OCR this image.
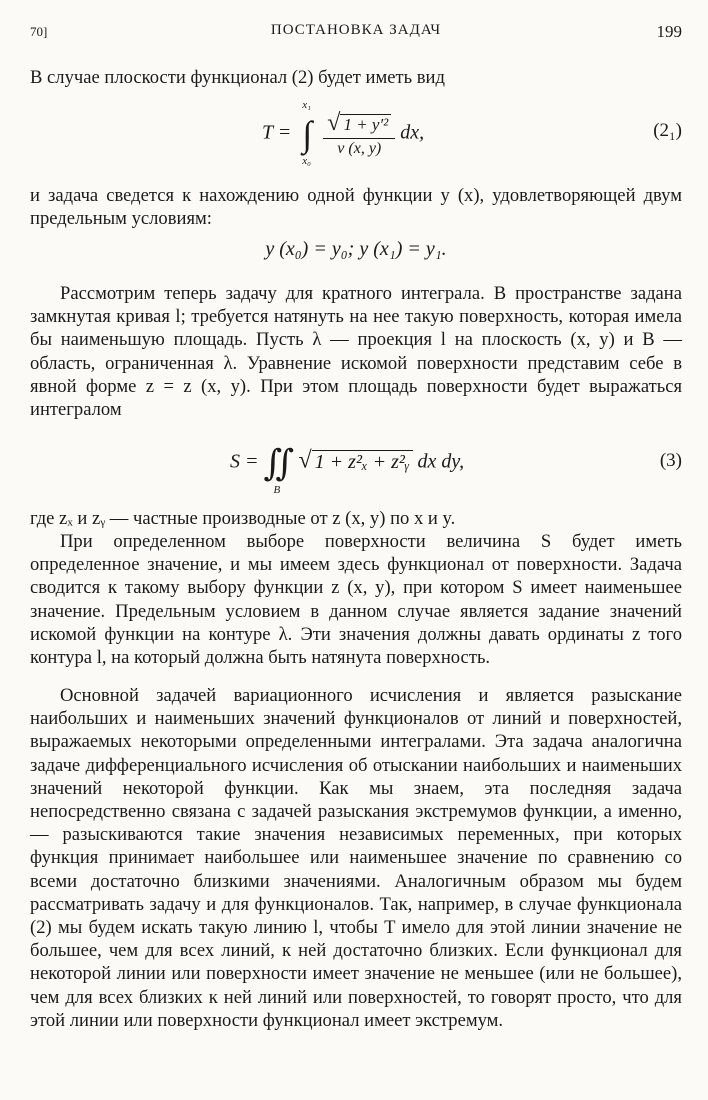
70]	ПОСТАНОВКА ЗАДАЧ	199
В случае плоскости функционал (2) будет иметь вид
T = ∫
x₁
x₀

$\frac{\text{√ 1 + y′²}}{v (x, y)}$ dx,	(2₁)
и задача сведется к нахождению одной функции y (x), удовлетворяющей двум предельным условиям:
y (x₀) = y₀; y (x₁) = y₁.
Рассмотрим теперь задачу для кратного интеграла. В пространстве задана замкнутая кривая l; требуется натянуть на нее такую поверхность, которая имела бы наименьшую площадь. Пусть λ — проекция l на плоскость (x, y) и B — область, ограниченная λ. Уравнение искомой поверхности представим себе в явной форме z = z (x, y). При этом площадь поверхности будет выражаться интегралом
S = ∬
B
√ 1 + z²ₓ + z²ᵧ dx dy,	(3)
где zₓ и zᵧ — частные производные от z (x, y) по x и y.
При определенном выборе поверхности величина S будет иметь определенное значение, и мы имеем здесь функционал от поверхности. Задача сводится к такому выбору функции z (x, y), при котором S имеет наименьшее значение. Предельным условием в данном случае является задание значений искомой функции на контуре λ. Эти значения должны давать ординаты z того контура l, на который должна быть натянута поверхность.
Основной задачей вариационного исчисления и является разыскание наибольших и наименьших значений функционалов от линий и поверхностей, выражаемых некоторыми определенными интегралами. Эта задача аналогична задаче дифференциального исчисления об отыскании наибольших и наименьших значений некоторой функции. Как мы знаем, эта последняя задача непосредственно связана с задачей разыскания экстремумов функции, а именно, — разыскиваются такие значения независимых переменных, при которых функция принимает наибольшее или наименьшее значение по сравнению со всеми достаточно близкими значениями. Аналогичным образом мы будем рассматривать задачу и для функционалов. Так, например, в случае функционала (2) мы будем искать такую линию l, чтобы T имело для этой линии значение не большее, чем для всех линий, к ней достаточно близких. Если функционал для некоторой линии или поверхности имеет значение не меньшее (или не большее), чем для всех близких к ней линий или поверхностей, то говорят просто, что для этой линии или поверхности функционал имеет экстремум.
